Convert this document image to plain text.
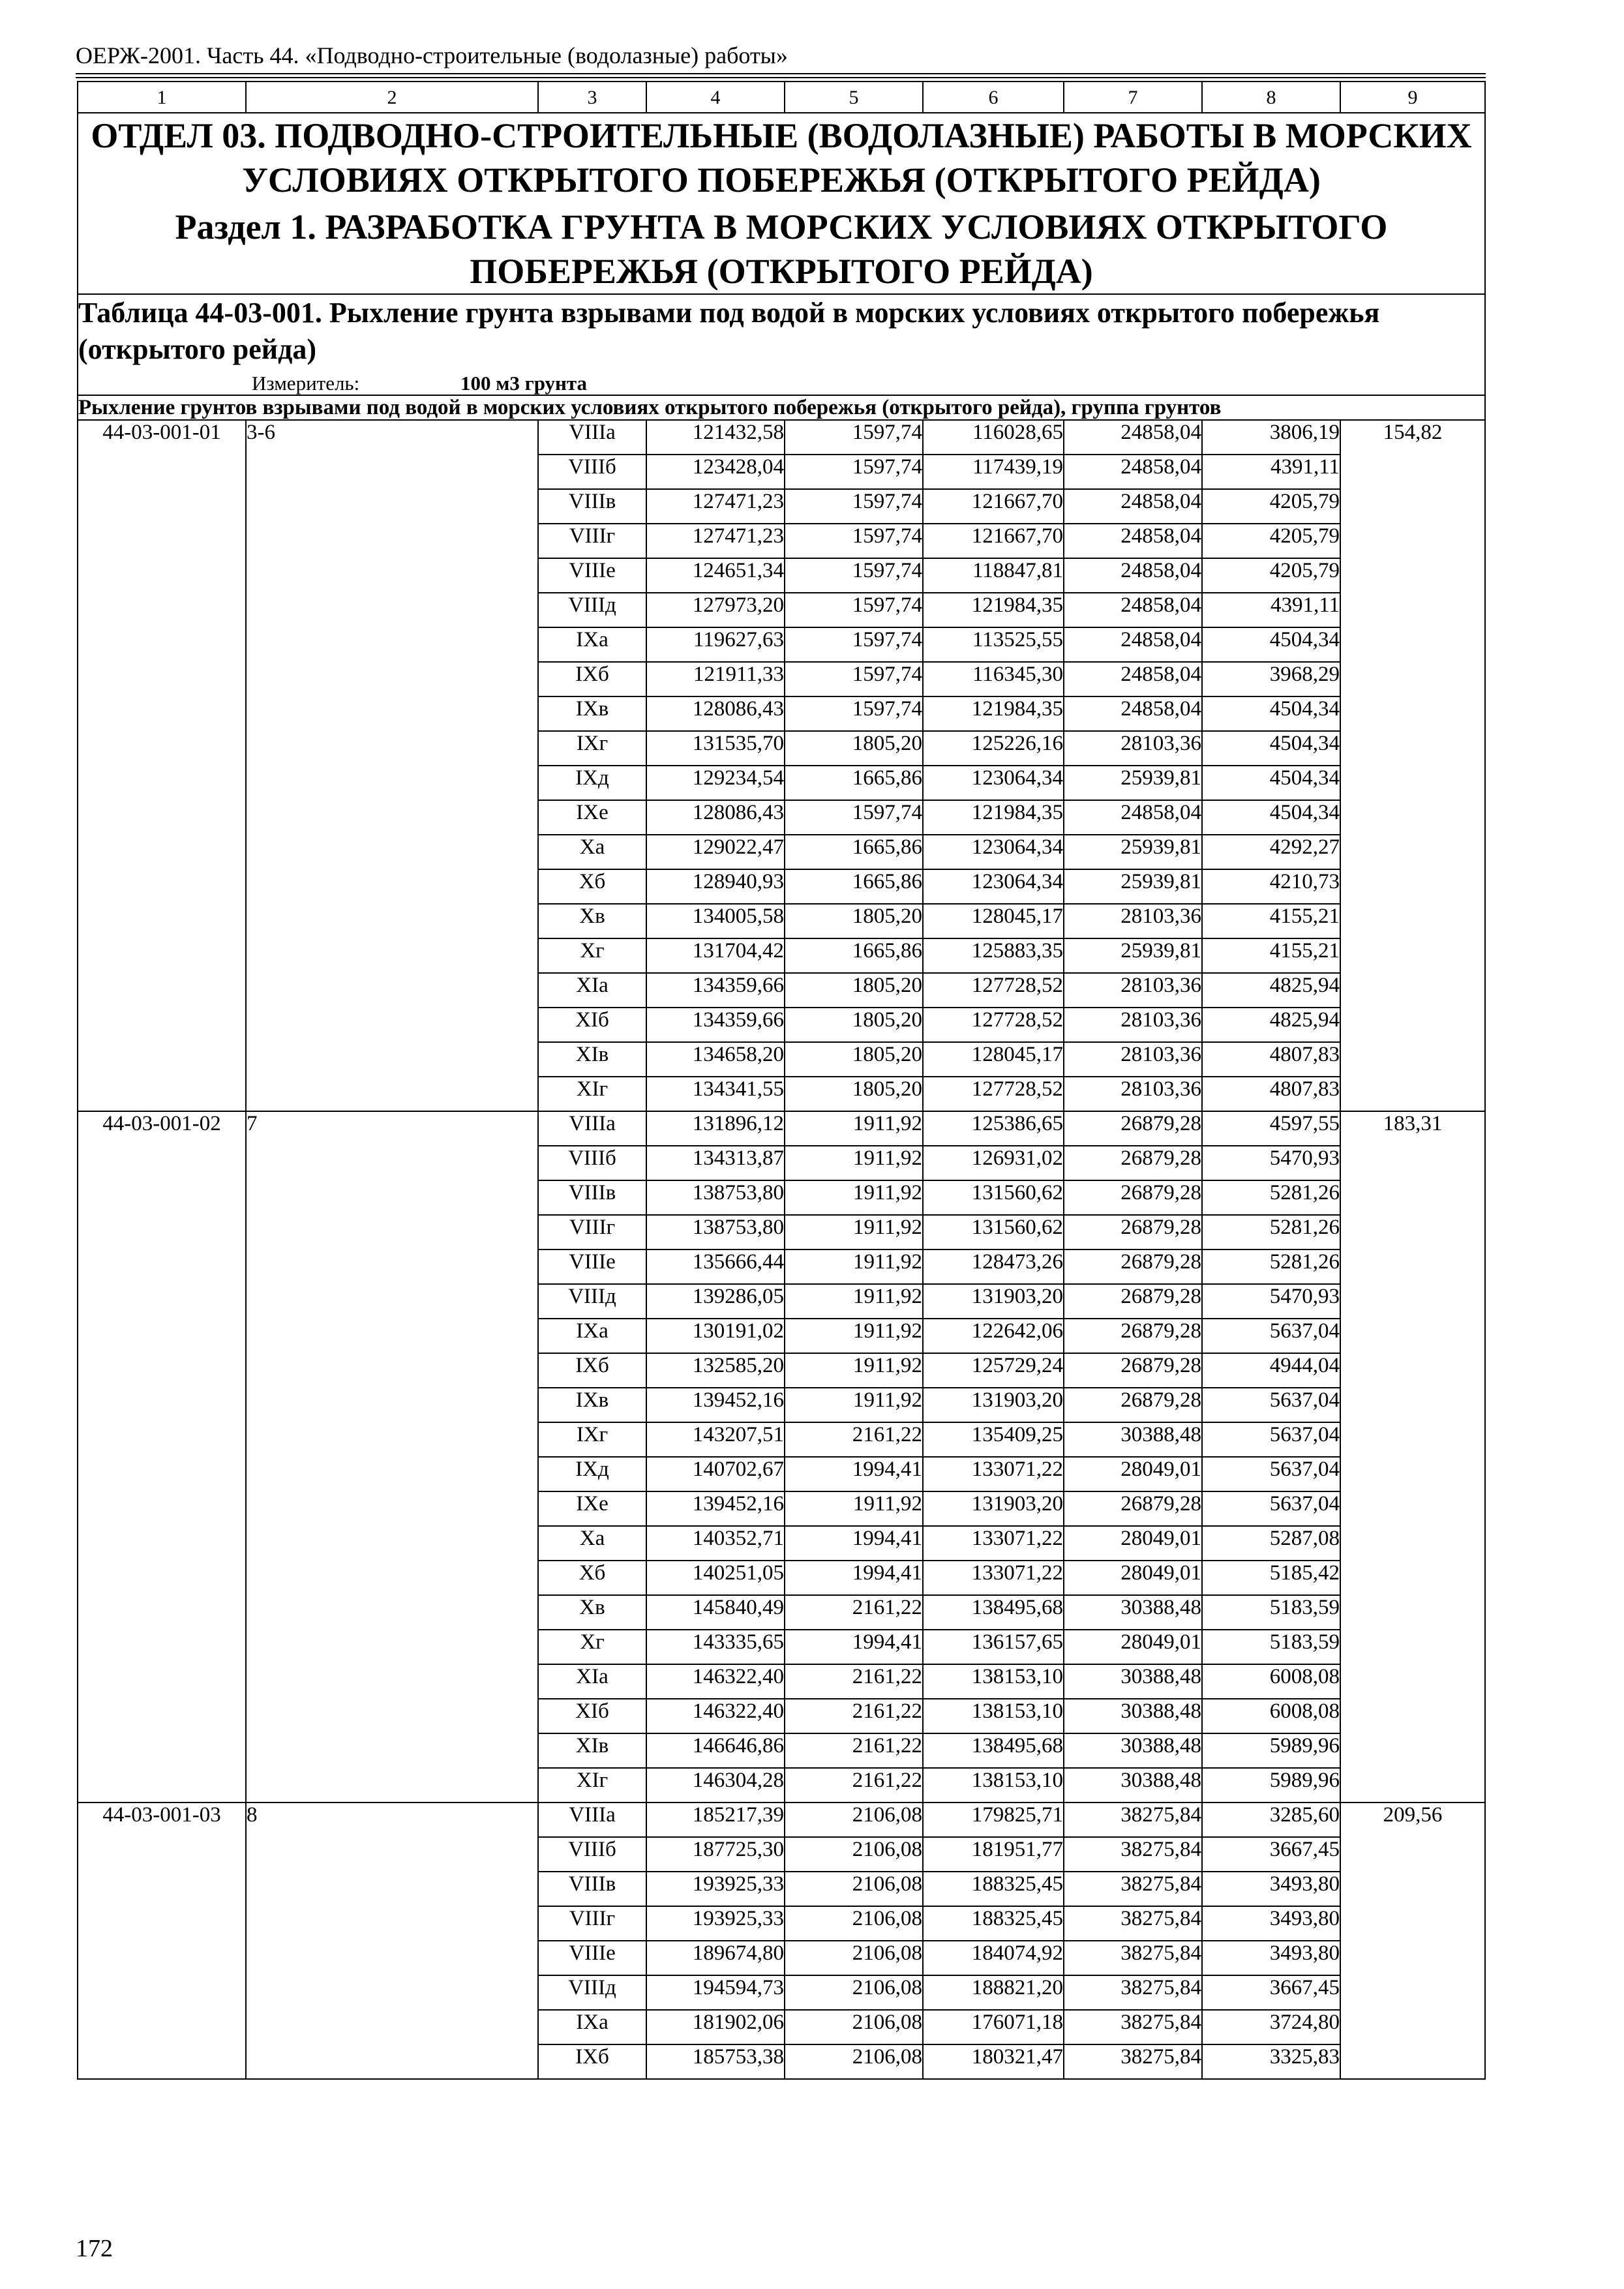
ОЕРЖ-2001. Часть 44. «Подводно-строительные (водолазные) работы»
1	2	3	4	5	6	7	8	9

ОТДЕЛ 03. ПОДВОДНО-СТРОИТЕЛЬНЫЕ (ВОДОЛАЗНЫЕ) РАБОТЫ В МОРСКИХ УСЛОВИЯХ ОТКРЫТОГО ПОБЕРЕЖЬЯ (ОТКРЫТОГО РЕЙДА)
Раздел 1. РАЗРАБОТКА ГРУНТА В МОРСКИХ УСЛОВИЯХ ОТКРЫТОГО ПОБЕРЕЖЬЯ (ОТКРЫТОГО РЕЙДА)								

Таблица 44-03-001. Рыхление грунта взрывами под водой в морских условиях открытого побережья (открытого рейда)
Измеритель: 100 м3 грунта								

Рыхление грунтов взрывами под водой в морских условиях открытого побережья (открытого рейда), группа грунтов								
44-03-001-01	3-6	VIIIа	121432,58	1597,74	116028,65	24858,04	3806,19	154,82
		VIIIб	123428,04	1597,74	117439,19	24858,04	4391,11	
		VIIIв	127471,23	1597,74	121667,70	24858,04	4205,79	
		VIIIг	127471,23	1597,74	121667,70	24858,04	4205,79	
		VIIIе	124651,34	1597,74	118847,81	24858,04	4205,79	
		VIIIд	127973,20	1597,74	121984,35	24858,04	4391,11	
		IXа	119627,63	1597,74	113525,55	24858,04	4504,34	
		IXб	121911,33	1597,74	116345,30	24858,04	3968,29	
		IXв	128086,43	1597,74	121984,35	24858,04	4504,34	
		IXг	131535,70	1805,20	125226,16	28103,36	4504,34	
		IXд	129234,54	1665,86	123064,34	25939,81	4504,34	
		IXе	128086,43	1597,74	121984,35	24858,04	4504,34	
		Xа	129022,47	1665,86	123064,34	25939,81	4292,27	
		Xб	128940,93	1665,86	123064,34	25939,81	4210,73	
		Xв	134005,58	1805,20	128045,17	28103,36	4155,21	
		Xг	131704,42	1665,86	125883,35	25939,81	4155,21	
		XIа	134359,66	1805,20	127728,52	28103,36	4825,94	
		XIб	134359,66	1805,20	127728,52	28103,36	4825,94	
		XIв	134658,20	1805,20	128045,17	28103,36	4807,83	
		XIг	134341,55	1805,20	127728,52	28103,36	4807,83	
44-03-001-02	7	VIIIа	131896,12	1911,92	125386,65	26879,28	4597,55	183,31
		VIIIб	134313,87	1911,92	126931,02	26879,28	5470,93	
		VIIIв	138753,80	1911,92	131560,62	26879,28	5281,26	
		VIIIг	138753,80	1911,92	131560,62	26879,28	5281,26	
		VIIIе	135666,44	1911,92	128473,26	26879,28	5281,26	
		VIIIд	139286,05	1911,92	131903,20	26879,28	5470,93	
		IXа	130191,02	1911,92	122642,06	26879,28	5637,04	
		IXб	132585,20	1911,92	125729,24	26879,28	4944,04	
		IXв	139452,16	1911,92	131903,20	26879,28	5637,04	
		IXг	143207,51	2161,22	135409,25	30388,48	5637,04	
		IXд	140702,67	1994,41	133071,22	28049,01	5637,04	
		IXе	139452,16	1911,92	131903,20	26879,28	5637,04	
		Xа	140352,71	1994,41	133071,22	28049,01	5287,08	
		Xб	140251,05	1994,41	133071,22	28049,01	5185,42	
		Xв	145840,49	2161,22	138495,68	30388,48	5183,59	
		Xг	143335,65	1994,41	136157,65	28049,01	5183,59	
		XIа	146322,40	2161,22	138153,10	30388,48	6008,08	
		XIб	146322,40	2161,22	138153,10	30388,48	6008,08	
		XIв	146646,86	2161,22	138495,68	30388,48	5989,96	
		XIг	146304,28	2161,22	138153,10	30388,48	5989,96	
44-03-001-03	8	VIIIа	185217,39	2106,08	179825,71	38275,84	3285,60	209,56
		VIIIб	187725,30	2106,08	181951,77	38275,84	3667,45	
		VIIIв	193925,33	2106,08	188325,45	38275,84	3493,80	
		VIIIг	193925,33	2106,08	188325,45	38275,84	3493,80	
		VIIIе	189674,80	2106,08	184074,92	38275,84	3493,80	
		VIIIд	194594,73	2106,08	188821,20	38275,84	3667,45	
		IXа	181902,06	2106,08	176071,18	38275,84	3724,80	
		IXб	185753,38	2106,08	180321,47	38275,84	3325,83	
172
